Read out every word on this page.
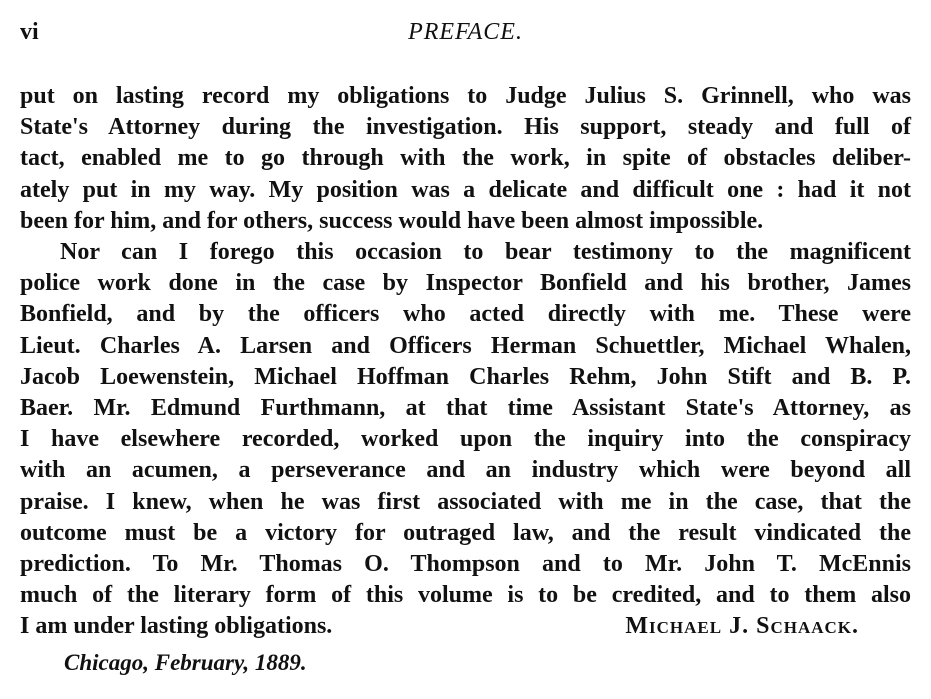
vi	PREFACE.
put on lasting record my obligations to Judge Julius S. Grinnell, who was
State's Attorney during the investigation. His support, steady and full of
tact, enabled me to go through with the work, in spite of obstacles deliber-
ately put in my way. My position was a delicate and difficult one : had it not
been for him, and for others, success would have been almost impossible.
Nor can I forego this occasion to bear testimony to the magnificent
police work done in the case by Inspector Bonfield and his brother, James
Bonfield, and by the officers who acted directly with me. These were
Lieut. Charles A. Larsen and Officers Herman Schuettler, Michael Whalen,
Jacob Loewenstein, Michael Hoffman Charles Rehm, John Stift and B. P.
Baer. Mr. Edmund Furthmann, at that time Assistant State's Attorney, as
I have elsewhere recorded, worked upon the inquiry into the conspiracy
with an acumen, a perseverance and an industry which were beyond all
praise. I knew, when he was first associated with me in the case, that the
outcome must be a victory for outraged law, and the result vindicated the
prediction. To Mr. Thomas O. Thompson and to Mr. John T. McEnnis
much of the literary form of this volume is to be credited, and to them also
I am under lasting obligations.	Michael J. Schaack.
Chicago, February, 1889.
